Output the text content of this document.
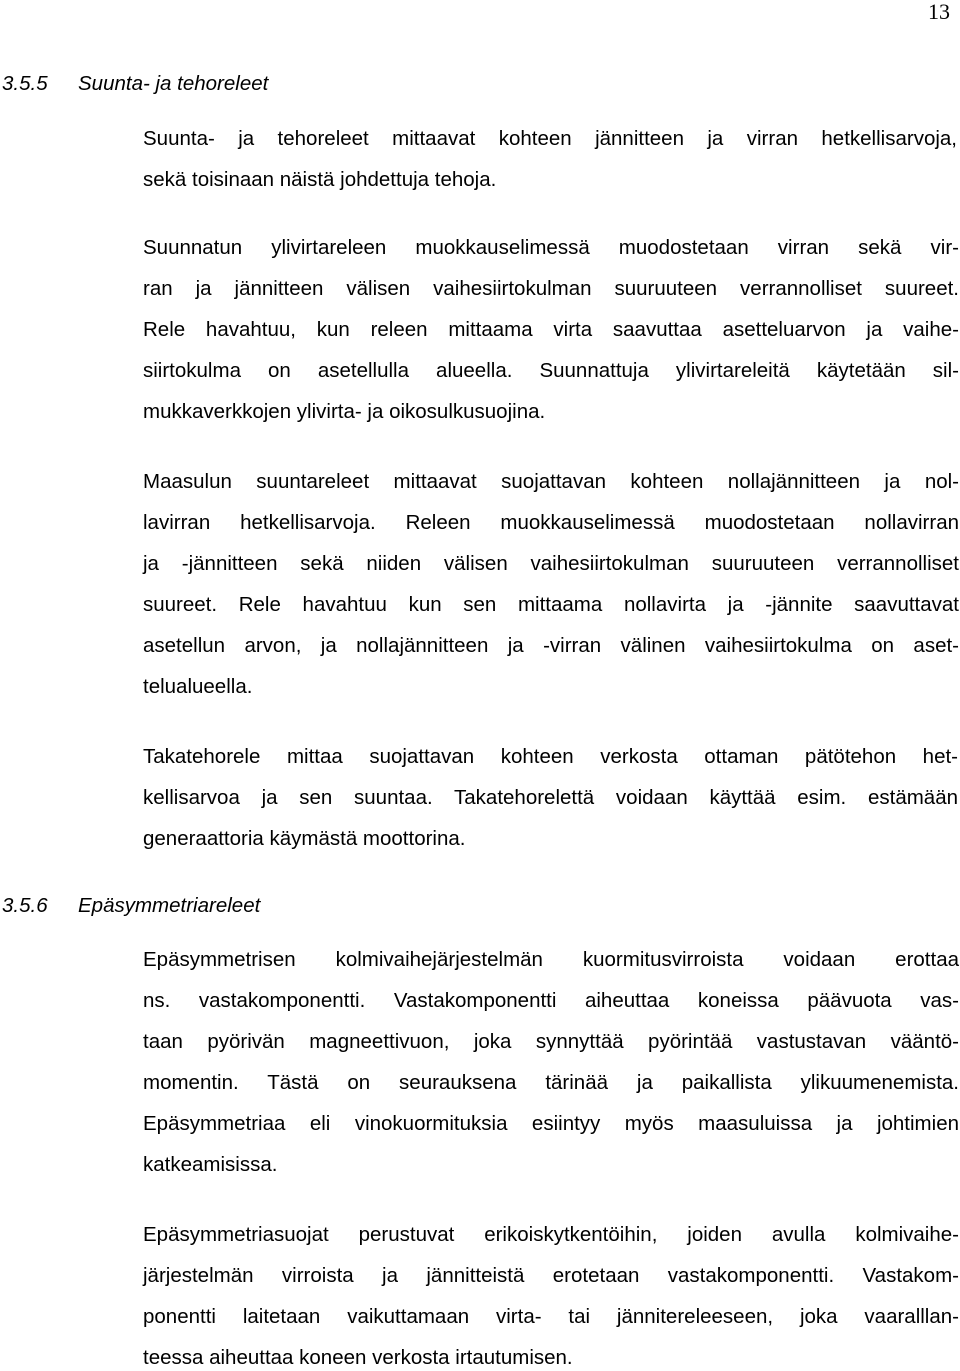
13
3.5.5 Suunta- ja tehoreleet
Suunta- ja tehoreleet mittaavat kohteen jännitteen ja virran hetkellisarvoja,
sekä toisinaan näistä johdettuja tehoja.
Suunnatun ylivirtareleen muokkauselimessä muodostetaan virran sekä vir-
ran ja jännitteen välisen vaihesiirtokulman suuruuteen verrannolliset suureet.
Rele havahtuu, kun releen mittaama virta saavuttaa asetteluarvon ja vaihe-
siirtokulma on asetellulla alueella. Suunnattuja ylivirtareleitä käytetään sil-
mukkaverkkojen ylivirta- ja oikosulkusuojina.
Maasulun suuntareleet mittaavat suojattavan kohteen nollajännitteen ja nol-
lavirran hetkellisarvoja. Releen muokkauselimessä muodostetaan nollavirran
ja -jännitteen sekä niiden välisen vaihesiirtokulman suuruuteen verrannolliset
suureet. Rele havahtuu kun sen mittaama nollavirta ja -jännite saavuttavat
asetellun arvon, ja nollajännitteen ja -virran välinen vaihesiirtokulma on aset-
telualueella.
Takatehorele mittaa suojattavan kohteen verkosta ottaman pätötehon het-
kellisarvoa ja sen suuntaa. Takatehorelettä voidaan käyttää esim. estämään
generaattoria käymästä moottorina.
3.5.6 Epäsymmetriareleet
Epäsymmetrisen kolmivaihejärjestelmän kuormitusvirroista voidaan erottaa
ns. vastakomponentti. Vastakomponentti aiheuttaa koneissa päävuota vas-
taan pyörivän magneettivuon, joka synnyttää pyörintää vastustavan vääntö-
momentin. Tästä on seurauksena tärinää ja paikallista ylikuumenemista.
Epäsymmetriaa eli vinokuormituksia esiintyy myös maasuluissa ja johtimien
katkeamisissa.
Epäsymmetriasuojat perustuvat erikoiskytkentöihin, joiden avulla kolmivaihe-
järjestelmän virroista ja jännitteistä erotetaan vastakomponentti. Vastakom-
ponentti laitetaan vaikuttamaan virta- tai jännitereleeseen, joka vaaralllan-
teessa aiheuttaa koneen verkosta irtautumisen.
